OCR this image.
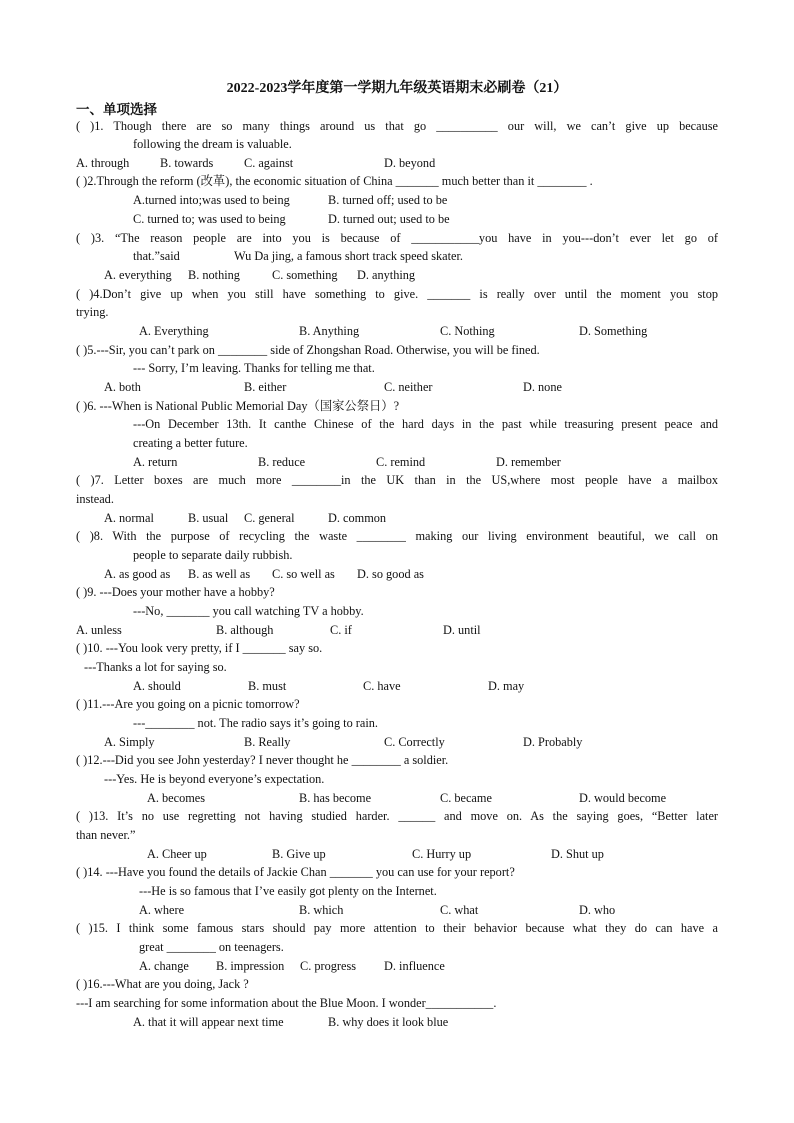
2022-2023学年度第一学期九年级英语期末必刷卷（21）
一、单项选择
( )1. Though there are so many things around us that go __________ our will, we can’t give up because
following the dream is valuable.
A. through B. towards C. against	D. beyond
( )2.Through the reform (改革), the economic situation of China _______ much better than it ________ .
A.turned into;was used to being	B. turned off; used to be
C. turned to; was used to being	D. turned out; used to be
( )3. “The reason people are into you is because of ___________you have in you---don’t ever let go of
that.”said	Wu Da jing, a famous short track speed skater.
A. everything B. nothing	C. something D. anything
( )4.Don’t give up when you still have something to give. _______ is really over until the moment you stop
trying.
A. Everything	B. Anything	C. Nothing	D. Something
( )5.---Sir, you can’t park on ________ side of Zhongshan Road. Otherwise, you will be fined.
--- Sorry, I’m leaving. Thanks for telling me that.
A. both	B. either	C. neither	D. none
( )6. ---When is National Public Memorial Day（国家公祭日）?
---On December 13th. It canthe Chinese of the hard days in the past while treasuring present peace and
creating a better future.
A. return	B. reduce	C. remind	D. remember
( )7. Letter boxes are much more ________in the UK than in the US,where most people have a mailbox
instead.
A. normal	B. usual C. general	D. common
( )8. With the purpose of recycling the waste ________ making our living environment beautiful, we call on
people to separate daily rubbish.
A. as good as B. as well as C. so well as D. so good as
( )9. ---Does your mother have a hobby?
---No, _______ you call watching TV a hobby.
A. unless	B. although	C. if	D. until
( )10. ---You look very pretty, if I _______ say so.
---Thanks a lot for saying so.
A. should	B. must	C. have	D. may
( )11.---Are you going on a picnic tomorrow?
---________ not. The radio says it’s going to rain.
A. Simply	B. Really	C. Correctly	D. Probably
( )12.---Did you see John yesterday? I never thought he ________ a soldier.
---Yes. He is beyond everyone’s expectation.
A. becomes	B. has become	C. became	D. would become
( )13. It’s no use regretting not having studied harder. ______ and move on. As the saying goes, “Better later
than never.”
A. Cheer up	B. Give up	C. Hurry up	D. Shut up
( )14. ---Have you found the details of Jackie Chan _______ you can use for your report?
---He is so famous that I’ve easily got plenty on the Internet.
A. where	B. which	C. what	D. who
( )15. I think some famous stars should pay more attention to their behavior because what they do can have a
great ________ on teenagers.
A. change B. impression C. progress D. influence
( )16.---What are you doing, Jack ?
---I am searching for some information about the Blue Moon. I wonder___________.
A. that it will appear next time	B. why does it look blue
